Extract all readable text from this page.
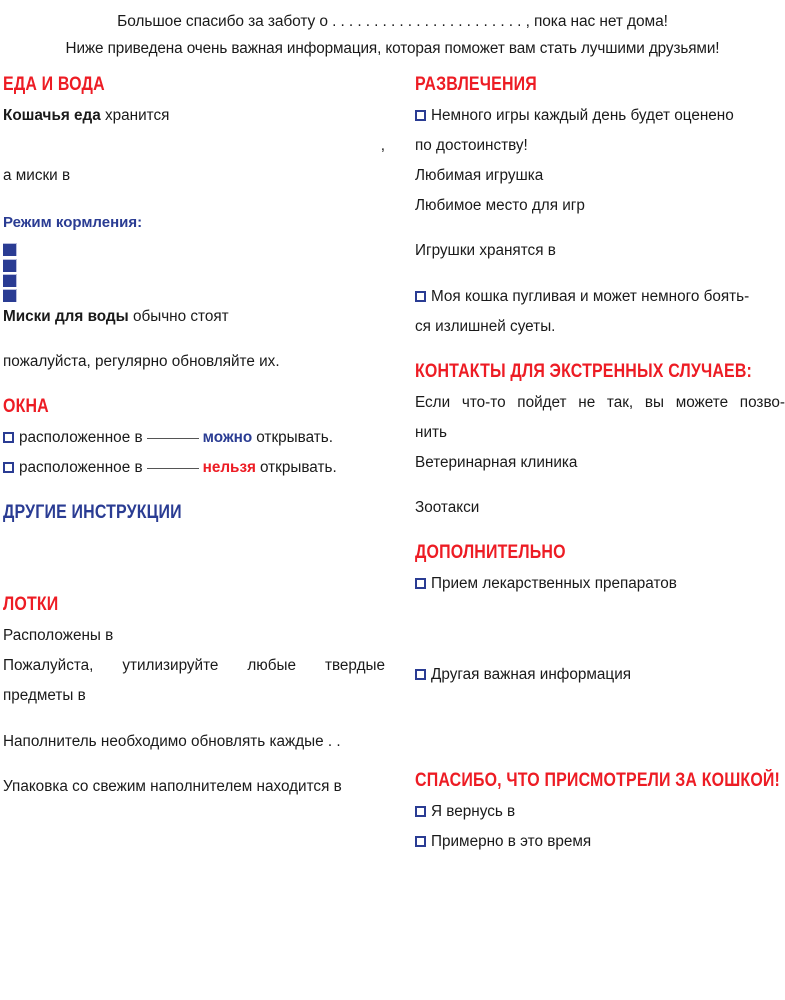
Большое спасибо за заботу о . . . . . . . . . . . . . . . . . . . . . . . , пока нас нет дома!
Ниже приведена очень важная информация, которая поможет вам стать лучшими друзьями!
ЕДА И ВОДА
Кошачья еда хранится
. . .
. . .
,
а миски в
. . .
Режим кормления:
. . .
. . .
. . .
. . .
Миски для воды обычно стоят
. . .
. . .
пожалуйста, регулярно обновляйте их.
ОКНА
расположенное в	можно открывать.
расположенное в	нельзя открывать.
ДРУГИЕ ИНСТРУКЦИИ
. . .
. . .
. . .
ЛОТКИ
Расположены в
. . .
Пожалуйста, утилизируйте любые твердые
предметы в
. . .
. . .
Наполнитель необходимо обновлять каждые . .
. . .
Упаковка со свежим наполнителем находится в
. . .
РАЗВЛЕЧЕНИЯ
Немного игры каждый день будет оценено
по достоинству!
Любимая игрушка
. . .
Любимое место для игр
. . .
. . .
Игрушки хранятся в
. . .
. . .
Моя кошка пугливая и может немного боять-
ся излишней суеты.
КОНТАКТЫ ДЛЯ ЭКСТРЕННЫХ СЛУЧАЕВ:
Если что-то пойдет не так, вы можете позво-
нить
. . .
Ветеринарная клиника
. . .
. . .
Зоотакси
. . .
ДОПОЛНИТЕЛЬНО
Прием лекарственных препаратов
. . .
. . .
. . .
. . .
. . .
Другая важная информация
. . .
. . .
. . .
. . .
. . .
СПАСИБО, ЧТО ПРИСМОТРЕЛИ ЗА КОШКОЙ!
Я вернусь в
. . .
Примерно в это время
. . .
